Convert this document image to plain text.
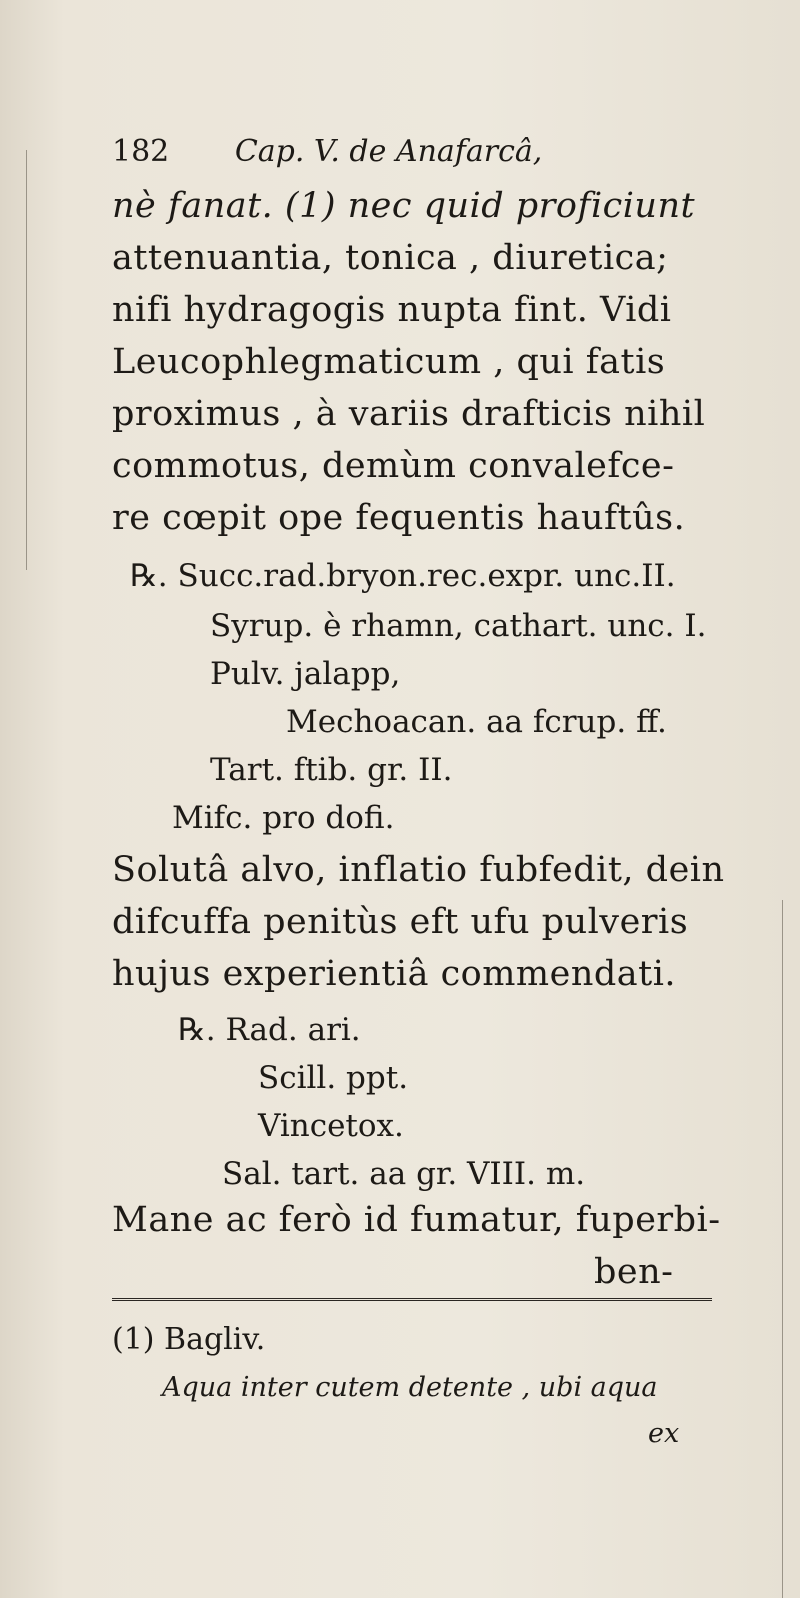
182 Cap. V. de Anafarcâ,
nè fanat. (1) nec quid proficiunt
attenuantia, tonica , diuretica;
nifi hydragogis nupta fint. Vidi
Leucophlegmaticum , qui fatis
proximus , à variis drafticis nihil
commotus, demùm convalefce-
re cœpit ope fequentis hauftûs.
℞. Succ.rad.bryon.rec.expr. unc.II.
Syrup. è rhamn, cathart. unc. I.
Pulv. jalapp,
Mechoacan. aa fcrup. ff.
Tart. ftib. gr. II.
Mifc. pro dofi.
Solutâ alvo, inflatio fubfedit, dein
difcuffa penitùs eft ufu pulveris
hujus experientiâ commendati.
℞. Rad. ari.
Scill. ppt.
Vincetox.
Sal. tart. aa gr. VIII. m.
Mane ac ferò id fumatur, fuperbi-
ben-
(1) Bagliv.
Aqua inter cutem detente , ubi aqua
ex
